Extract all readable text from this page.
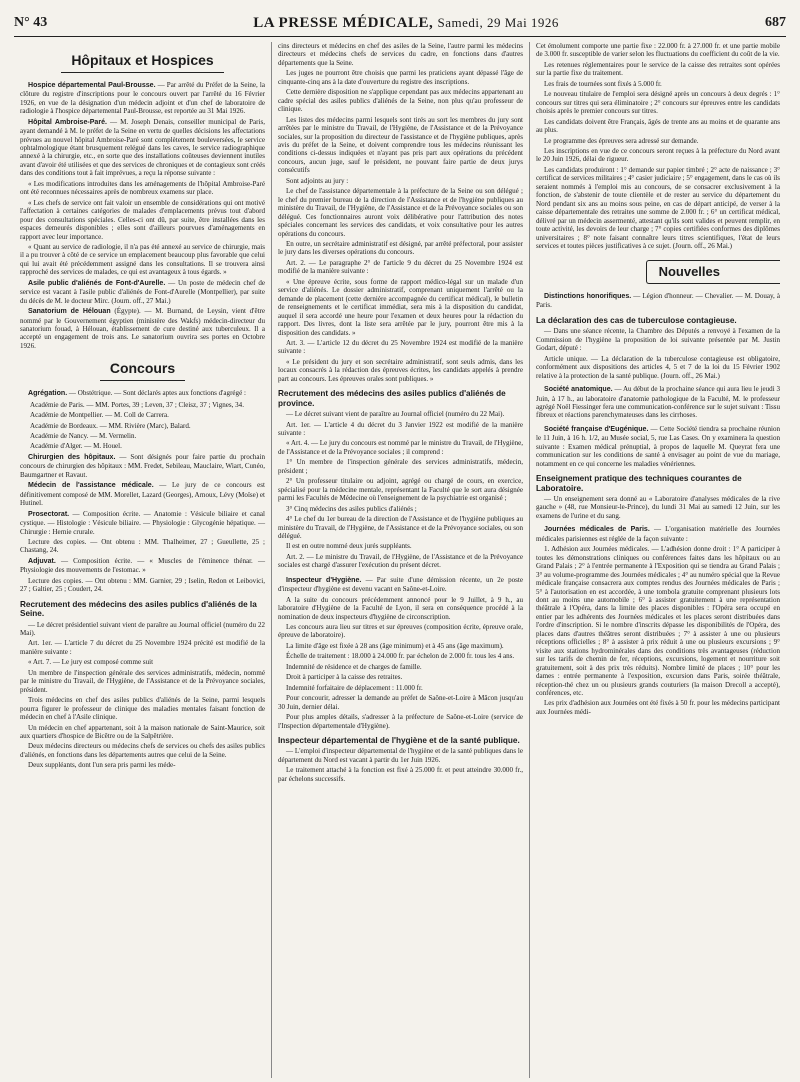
N° 43	LA PRESSE MÉDICALE, Samedi, 29 Mai 1926	687
Hôpitaux et Hospices

Hospice départemental Paul-Brousse. — Par arrêté du Préfet de la Seine, la clôture du registre d'inscriptions pour le concours ouvert par l'arrêté du 16 Février 1926, en vue de la désignation d'un médecin adjoint et d'un chef de laboratoire de radiologie à l'hospice départemental Paul-Brousse, est reportée au 31 Mai 1926.

Hôpital Ambroise-Paré. — M. Joseph Denais, conseiller municipal de Paris, ayant demandé à M. le préfet de la Seine en vertu de quelles décisions les affectations prévues au nouvel hôpital Ambroise-Paré sont complètement bouleversées, le service ophtalmologique étant brusquement relégué dans les caves, le service radiographique annexé à la chirurgie, etc., en sorte que des installations coûteuses deviennent inutiles avant d'avoir été utilisées et que des services de chroniques et de contagieux sont créés dans des conditions tout à fait imprévues, a reçu la réponse suivante :

« Les modifications introduites dans les aménagements de l'hôpital Ambroise-Paré ont été reconnues nécessaires après de nombreux examens sur place.

« Les chefs de service ont fait valoir un ensemble de considérations qui ont motivé l'affectation à certaines catégories de malades d'emplacements prévus tout d'abord pour des consultations spéciales. Celles-ci ont dû, par suite, être installées dans les espaces demeurés disponibles ; elles sont d'ailleurs pourvues d'aménagements en rapport avec leur importance.

« Quant au service de radiologie, il n'a pas été annexé au service de chirurgie, mais il a pu trouver à côté de ce service un emplacement beaucoup plus favorable que celui qui lui avait été précédemment assigné dans les consultations. Il se trouvera ainsi rapproché des services de malades, ce qui est avantageux à tous égards. »

Asile public d'aliénés de Font-d'Aurelle. — Un poste de médecin chef de service est vacant à l'asile public d'aliénés de Font-d'Aurelle (Montpellier), par suite du décès de M. le docteur Mirc. (Journ. off., 27 Mai.)

Sanatorium de Hélouan (Égypte). — M. Burnand, de Leysin, vient d'être nommé par le Gouvernement égyptien (ministère des Wakfs) médecin-directeur du sanatorium fouad, à Hélouan, établissement de cure destiné aux tuberculeux. Il a accepté un engagement de trois ans. Le sanatorium ouvrira ses portes en Octobre 1926.

Concours

Agrégation. — Obstétrique. — Sont déclarés aptes aux fonctions d'agrégé :

Académie de Paris. — MM. Portes, 39 ; Leven, 37 ; Cleisz, 37 ; Vignes, 34.

Académie de Montpellier. — M. Coll de Carrera.

Académie de Bordeaux. — MM. Rivière (Marc), Balard.

Académie de Nancy. — M. Vermelin.

Académie d'Alger. — M. Houel.

Chirurgien des hôpitaux. — Sont désignés pour faire partie du prochain concours de chirurgien des hôpitaux : MM. Fredet, Sebileau, Mauclaire, Wiart, Cunéo, Baumgartner et Ravaut.

Médecin de l'assistance médicale. — Le jury de ce concours est définitivement composé de MM. Morellet, Lazard (Georges), Arnoux, Lévy (Moïse) et Hutinel.

Prosectorat. — Composition écrite. — Anatomie : Vésicule biliaire et canal cystique. — Histologie : Vésicule biliaire. — Physiologie : Glycogénie hépatique. — Chirurgie : Hernie crurale.

Lecture des copies. — Ont obtenu : MM. Thalheimer, 27 ; Gueullette, 25 ; Chastang, 24.

Adjuvat. — Composition écrite. — « Muscles de l'éminence thénar. — Physiologie des mouvements de l'estomac. »

Lecture des copies. — Ont obtenu : MM. Garnier, 29 ; Iselin, Redon et Leibovici, 27 ; Galtier, 25 ; Coudert, 24.

Recrutement des médecins des asiles publics d'aliénés de la Seine.

— Le décret présidentiel suivant vient de paraître au Journal officiel (numéro du 22 Mai).

Art. 1er. — L'article 7 du décret du 25 Novembre 1924 précité est modifié de la manière suivante :

« Art. 7. — Le jury est composé comme suit

Un membre de l'inspection générale des services administratifs, médecin, nommé par le ministre du Travail, de l'Hygiène, de l'Assistance et de la Prévoyance sociales, président.

Trois médecins en chef des asiles publics d'aliénés de la Seine, parmi lesquels pourra figurer le professeur de clinique des maladies mentales faisant fonction de médecin en chef à l'Asile clinique.

Un médecin en chef appartenant, soit à la maison nationale de Saint-Maurice, soit aux quartiers d'hospice de Bicêtre ou de la Salpêtrière.

Deux médecins directeurs ou médecins chefs de services ou chefs des asiles publics d'aliénés, en fonctions dans les départements autres que celui de la Seine.

Deux suppléants, dont l'un sera pris parmi les méde-

cins directeurs et médecins en chef des asiles de la Seine, l'autre parmi les médecins directeurs et médecins chefs de services du cadre, en fonctions dans d'autres départements que la Seine.

Les juges ne pourront être choisis que parmi les praticiens ayant dépassé l'âge de cinquante-cinq ans à la date d'ouverture du registre des inscriptions.

Cette dernière disposition ne s'applique cependant pas aux médecins appartenant au cadre spécial des asiles publics d'aliénés de la Seine, non plus qu'au professeur de clinique.

Les listes des médecins parmi lesquels sont tirés au sort les membres du jury sont arrêtées par le ministre du Travail, de l'Hygiène, de l'Assistance et de la Prévoyance sociales, sur la proposition du directeur de l'assistance et de l'hygiène publiques, après avis du préfet de la Seine, et doivent comprendre tous les médecins réunissant les conditions ci-dessus indiquées et n'ayant pas pris part aux opérations du précédent concours, aucun juge, sauf le président, ne pouvant faire partie de deux jurys consécutifs

Sont adjoints au jury :

Le chef de l'assistance départementale à la préfecture de la Seine ou son délégué ; le chef du premier bureau de la direction de l'Assistance et de l'hygiène publiques au ministère du Travail, de l'Hygiène, de l'Assistance et de la Prévoyance sociales ou son délégué. Ces fonctionnaires auront voix délibérative pour l'attribution des notes spéciales concernant les services des candidats, et voix consultative pour les autres opérations du concours.

En outre, un secrétaire administratif est désigné, par arrêté préfectoral, pour assister le jury dans les diverses opérations du concours.

Art. 2. — Le paragraphe 2° de l'article 9 du décret du 25 Novembre 1924 est modifié de la manière suivante :

« Une épreuve écrite, sous forme de rapport médico-légal sur un malade d'un service d'aliénés. Le dossier administratif, comprenant uniquement l'arrêté ou la demande de placement (cette dernière accompagnée du certificat médical), le bulletin de renseignements et le certificat immédiat, sera mis à la disposition du candidat, auquel il sera accordé une heure pour l'examen et deux heures pour la rédaction du rapport. Des livres, dont la liste sera arrêtée par le jury, pourront être mis à la disposition des candidats. »

Art. 3. — L'article 12 du décret du 25 Novembre 1924 est modifié de la manière suivante :

« Le président du jury et son secrétaire administratif, sont seuls admis, dans les locaux consacrés à la rédaction des épreuves écrites, les candidats appelés à prendre part au concours. Les épreuves orales sont publiques. »

Recrutement des médecins des asiles publics d'aliénés de province.

— Le décret suivant vient de paraître au Journal officiel (numéro du 22 Mai).

Art. 1er. — L'article 4 du décret du 3 Janvier 1922 est modifié de la manière suivante :

« Art. 4. — Le jury du concours est nommé par le ministre du Travail, de l'Hygiène, de l'Assistance et de la Prévoyance sociales ; il comprend :

1° Un membre de l'inspection générale des services administratifs, médecin, président ;

2° Un professeur titulaire ou adjoint, agrégé ou chargé de cours, en exercice, spécialisé pour la médecine mentale, représentant la Faculté que le sort aura désignée parmi les Facultés de Médecine où l'enseignement de la psychiatrie est organisé ;

3° Cinq médecins des asiles publics d'aliénés ;

4° Le chef du 1er bureau de la direction de l'Assistance et de l'hygiène publiques au ministère du Travail, de l'Hygiène, de l'Assistance et de la Prévoyance sociales, ou son délégué.

Il est en outre nommé deux jurés suppléants.

Art. 2. — Le ministre du Travail, de l'Hygiène, de l'Assistance et de la Prévoyance sociales est chargé d'assurer l'exécution du présent décret.

Inspecteur d'Hygiène. — Par suite d'une démission récente, un 2e poste d'inspecteur d'hygiène est devenu vacant en Saône-et-Loire.

A la suite du concours précédemment annoncé pour le 9 Juillet, à 9 h., au laboratoire d'Hygiène de la Faculté de Lyon, il sera en conséquence procédé à la nomination de deux inspecteurs d'hygiène de circonscription.

Les concours aura lieu sur titres et sur épreuves (composition écrite, épreuve orale, épreuve de laboratoire).

La limite d'âge est fixée à 28 ans (âge minimum) et à 45 ans (âge maximum).

Échelle de traitement : 18.000 à 24.000 fr. par échelon de 2.000 fr. tous les 4 ans.

Indemnité de résidence et de charges de famille.

Droit à participer à la caisse des retraites.

Indemnité forfaitaire de déplacement : 11.000 fr.

Pour concourir, adresser la demande au préfet de Saône-et-Loire à Mâcon jusqu'au 30 Juin, dernier délai.

Pour plus amples détails, s'adresser à la préfecture de Saône-et-Loire (service de l'Inspection départementale d'Hygiène).

Inspecteur départemental de l'hygiène et de la santé publique.

— L'emploi d'inspecteur départemental de l'hygiène et de la santé publiques dans le département du Nord est vacant à partir du 1er Juin 1926.

Le traitement attaché à la fonction est fixé à 25.000 fr. et peut atteindre 30.000 fr., par échelons successifs.

Cet émolument comporte une partie fixe : 22.000 fr. à 27.000 fr. et une partie mobile de 3.000 fr. susceptible de varier selon les fluctuations du coefficient du coût de la vie.

Les retenues réglementaires pour le service de la caisse des retraites sont opérées sur la partie fixe du traitement.

Les frais de tournées sont fixés à 5.000 fr.

Le nouveau titulaire de l'emploi sera désigné après un concours à deux degrés : 1° concours sur titres qui sera éliminatoire ; 2° concours sur épreuves entre les candidats choisis après le premier concours sur titres.

Les candidats doivent être Français, âgés de trente ans au moins et de quarante ans au plus.

Le programme des épreuves sera adressé sur demande.

Les inscriptions en vue de ce concours seront reçues à la préfecture du Nord avant le 20 Juin 1926, délai de rigueur.

Les candidats produiront : 1° demande sur papier timbré ; 2° acte de naissance ; 3° certificat de services militaires ; 4° casier judiciaire ; 5° engagement, dans le cas où ils seraient nommés à l'emploi mis au concours, de se consacrer exclusivement à la fonction, de s'abstenir de toute clientèle et de rester au service du département du Nord pendant six ans au moins sous peine, en cas de départ anticipé, de verser à la caisse départementale des retraites une somme de 2.000 fr. ; 6° un certificat médical, délivré par un médecin assermenté, attestant qu'ils sont valides et peuvent remplir, en toute activité, les devoirs de leur charge ; 7° copies certifiées conformes des diplômes universitaires ; 8° note faisant connaître leurs titres scientifiques, l'état de leurs services et toutes pièces justificatives à ce sujet. (Journ. off., 26 Mai.)

Nouvelles

Distinctions honorifiques. — Légion d'honneur. — Chevalier. — M. Douay, à Paris.

La déclaration des cas de tuberculose contagieuse.

— Dans une séance récente, la Chambre des Députés a renvoyé à l'examen de la Commission de l'hygiène la proposition de loi suivante présentée par M. Justin Godart, député :

Article unique. — La déclaration de la tuberculose contagieuse est obligatoire, conformément aux dispositions des articles 4, 5 et 7 de la loi du 15 Février 1902 relative à la protection de la santé publique. (Journ. off., 26 Mai.)

Société anatomique. — Au début de la prochaine séance qui aura lieu le jeudi 3 Juin, à 17 h., au laboratoire d'anatomie pathologique de la Faculté, M. le professeur agrégé Noël Fiessinger fera une communication-conférence sur le sujet suivant : Tissu fibreux et réactions parenchymateuses dans les cirrhoses.

Société française d'Eugénique. — Cette Société tiendra sa prochaine réunion le 11 Juin, à 16 h. 1/2, au Musée social, 5, rue Las Cases. On y examinera la question suivante : Examen médical prénuptial, à propos de laquelle M. Queyrat fera une communication sur les conditions de santé à envisager au point de vue du mariage, notamment en ce qui concerne les maladies vénériennes.

Enseignement pratique des techniques courantes de Laboratoire.

— Un enseignement sera donné au « Laboratoire d'analyses médicales de la rive gauche » (48, rue Monsieur-le-Prince), du lundi 31 Mai au samedi 12 Juin, sur les examens de l'urine et du sang.

Journées médicales de Paris. — L'organisation matérielle des Journées médicales parisiennes est réglée de la façon suivante :

1. Adhésion aux Journées médicales. — L'adhésion donne droit : 1° A participer à toutes les démonstrations cliniques ou conférences faites dans les hôpitaux ou au Grand Palais ; 2° à l'entrée permanente à l'Exposition qui se tiendra au Grand Palais ; 3° au volume-programme des Journées médicales ; 4° au numéro spécial que la Revue médicale française consacrera aux comptes rendus des Journées médicales de Paris ; 5° à l'autorisation en est accordée, à une tombola gratuite comprenant plusieurs lots dont au moins une automobile ; 6° à assister gratuitement à une représentation théâtrale à l'Opéra, dans la limite des places disponibles : l'Opéra sera occupé en entier par les adhérents des Journées médicales et les places seront distribuées dans l'ordre d'inscription. Si le nombre d'inscrits dépasse les disponibilités de l'Opéra, des places dans d'autres théâtres seront distribuées ; 7° à assister à une ou plusieurs réceptions officielles ; 8° à assister à prix réduit à une ou plusieurs excursions ; 9° visite aux stations hydrominérales dans des conditions très avantageuses (réduction sur les tarifs de chemin de fer, réceptions, excursions, logement et nourriture soit gratuitement, soit à des prix très réduits). Nombre limité de places ; 10° pour les dames : entrée permanente à l'exposition, excursion dans Paris, soirée théâtrale, réception-thé chez un ou plusieurs grands couturiers (la maison Drecoll a accepté), conférences, etc.

Les prix d'adhésion aux Journées ont été fixés à 50 fr. pour les médecins participant aux Journées médi-
